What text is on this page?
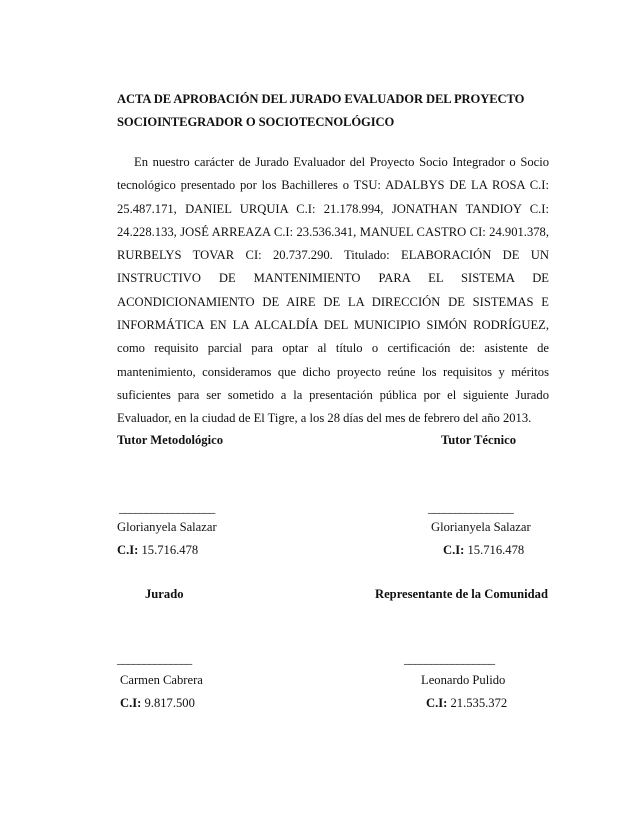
ACTA DE APROBACIÓN DEL JURADO EVALUADOR DEL PROYECTO
SOCIOINTEGRADOR O SOCIOTECNOLÓGICO

En nuestro carácter de Jurado Evaluador del Proyecto Socio Integrador o Socio tecnológico presentado por los Bachilleres o TSU: ADALBYS DE LA ROSA C.I: 25.487.171, DANIEL URQUIA C.I: 21.178.994, JONATHAN TANDIOY C.I: 24.228.133, JOSÉ ARREAZA C.I: 23.536.341, MANUEL CASTRO CI: 24.901.378, RURBELYS TOVAR CI: 20.737.290. Titulado: ELABORACIÓN DE UN INSTRUCTIVO DE MANTENIMIENTO PARA EL SISTEMA DE ACONDICIONAMIENTO DE AIRE DE LA DIRECCIÓN DE SISTEMAS E INFORMÁTICA EN LA ALCALDÍA DEL MUNICIPIO SIMÓN RODRÍGUEZ, como requisito parcial para optar al título o certificación de: asistente de mantenimiento, consideramos que dicho proyecto reúne los requisitos y méritos suficientes para ser sometido a la presentación pública por el siguiente Jurado Evaluador, en la ciudad de El Tigre, a los 28 días del mes de febrero del año 2013.

Tutor Metodológico
__________________
Glorianyela Salazar
C.I: 15.716.478
Tutor Técnico
________________
Glorianyela Salazar
C.I: 15.716.478
Jurado
______________
Carmen Cabrera
C.I: 9.817.500
Representante de la Comunidad
_________________
Leonardo Pulido
C.I: 21.535.372
